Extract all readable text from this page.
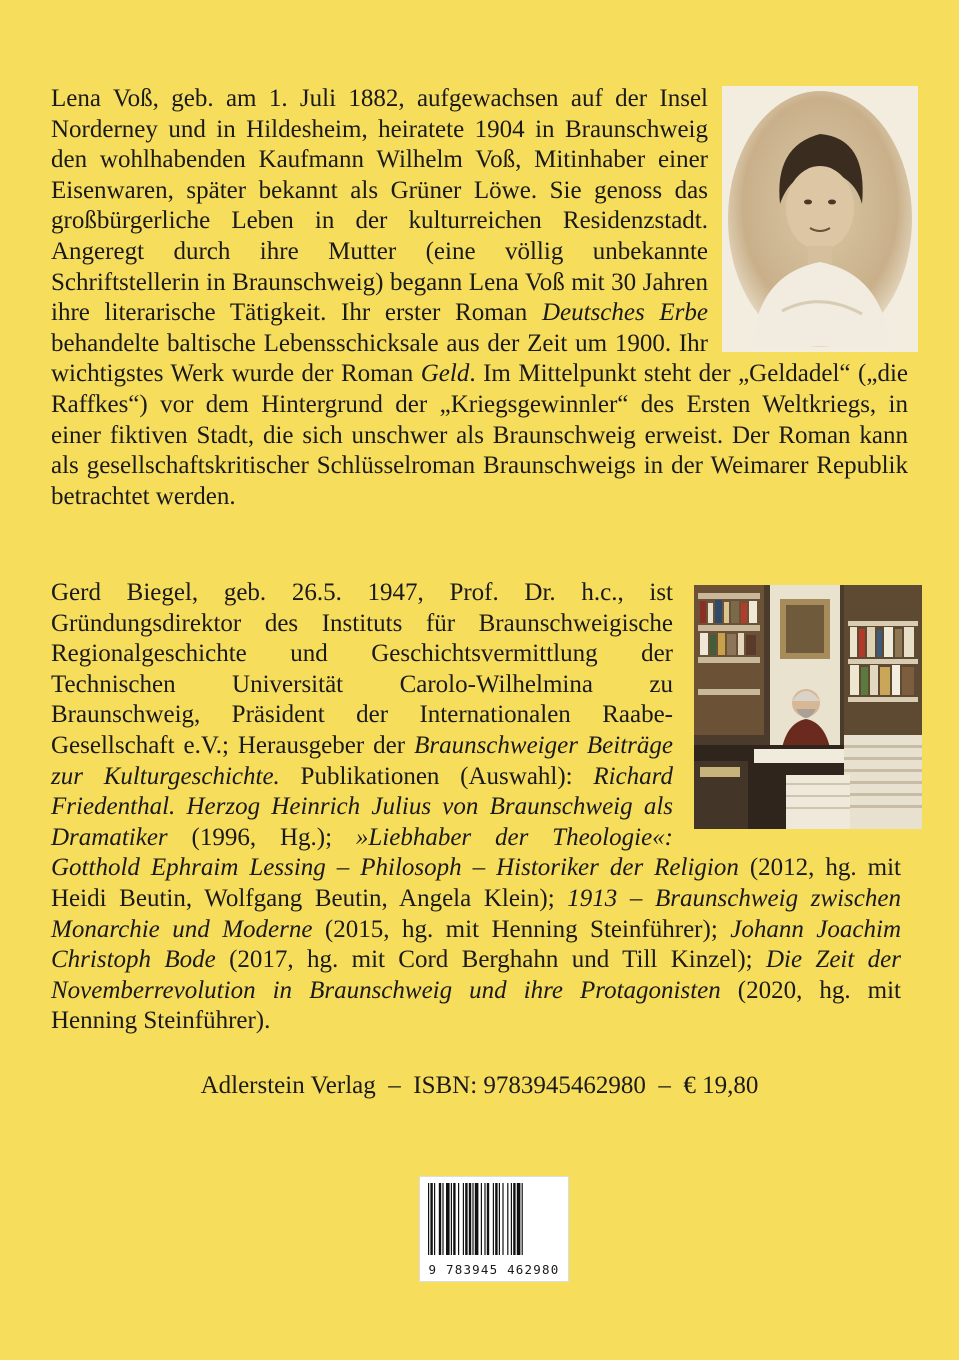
Lena Voß, geb. am 1. Juli 1882, aufgewachsen auf der Insel Norderney und in Hildesheim, heiratete 1904 in Braunschweig den wohlhabenden Kaufmann Wilhelm Voß, Mitinhaber einer Eisenwaren, später bekannt als Grüner Löwe. Sie genoss das großbürgerliche Leben in der kulturreichen Residenzstadt. Angeregt durch ihre Mutter (eine völlig unbekannte Schriftstellerin in Braunschweig) begann Lena Voß mit 30 Jahren ihre literarische Tätigkeit. Ihr erster Roman Deutsches Erbe behandelte baltische Lebensschicksale aus der Zeit um 1900. Ihr wichtigstes Werk wurde der Roman Geld. Im Mittelpunkt steht der „Geldadel“ („die Raffkes“) vor dem Hintergrund der „Kriegsgewinnler“ des Ersten Weltkriegs, in einer fiktiven Stadt, die sich unschwer als Braunschweig erweist. Der Roman kann als gesellschaftskritischer Schlüsselroman Braunschweigs in der Weimarer Republik betrachtet werden.

Gerd Biegel, geb. 26.5. 1947, Prof. Dr. h.c., ist Gründungsdirektor des Instituts für Braunschweigische Regionalgeschichte und Geschichtsvermittlung der Technischen Universität Carolo-Wilhelmina zu Braunschweig, Präsident der Internationalen Raabe-Gesellschaft e.V.; Herausgeber der Braunschweiger Beiträge zur Kulturgeschichte. Publikationen (Auswahl): Richard Friedenthal. Herzog Heinrich Julius von Braunschweig als Dramatiker (1996, Hg.); »Liebhaber der Theologie«: Gotthold Ephraim Lessing – Philosoph – Historiker der Religion (2012, hg. mit Heidi Beutin, Wolfgang Beutin, Angela Klein); 1913 – Braunschweig zwischen Monarchie und Moderne (2015, hg. mit Henning Steinführer); Johann Joachim Christoph Bode (2017, hg. mit Cord Berghahn und Till Kinzel); Die Zeit der Novemberrevolution in Braunschweig und ihre Protagonisten (2020, hg. mit Henning Steinführer).

Adlerstein Verlag – ISBN: 9783945462980 – € 19,80
9 783945 462980
